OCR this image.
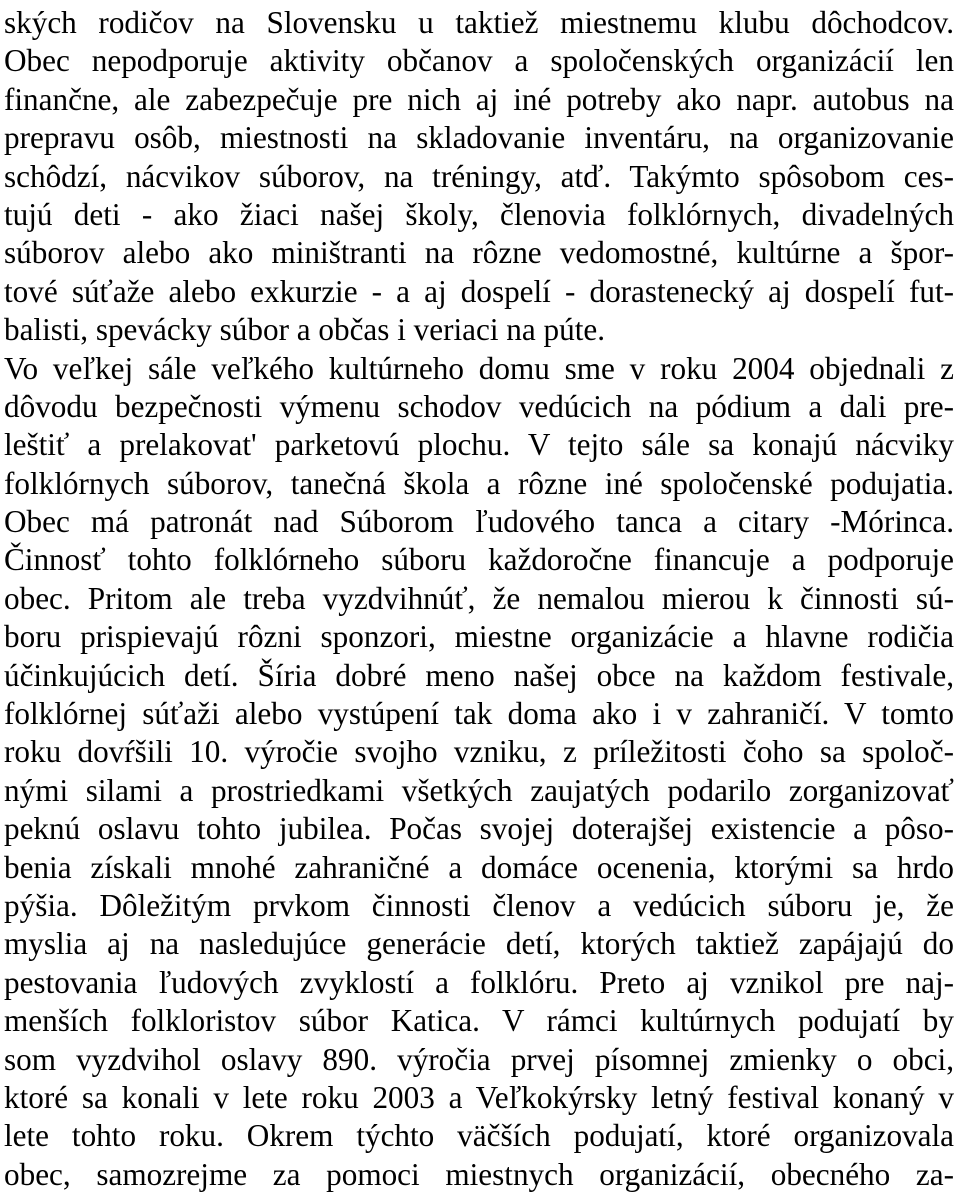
ských rodičov na Slovensku u taktiež miestnemu klubu dôchodcov.
Obec nepodporuje aktivity občanov a spoločenských organizácií len
finančne, ale zabezpečuje pre nich aj iné potreby ako napr. autobus na
prepravu osôb, miestnosti na skladovanie inventáru, na organizovanie
schôdzí, nácvikov súborov, na tréningy, atď. Takýmto spôsobom ces-
tujú deti - ako žiaci našej školy, členovia folklórnych, divadelných
súborov alebo ako miništranti na rôzne vedomostné, kultúrne a špor-
tové súťaže alebo exkurzie - a aj dospelí - dorastenecký aj dospelí fut-
balisti, spevácky súbor a občas i veriaci na púte.
Vo veľkej sále veľkého kultúrneho domu sme v roku 2004 objednali z
dôvodu bezpečnosti výmenu schodov vedúcich na pódium a dali pre-
leštiť a prelakovat' parketovú plochu. V tejto sále sa konajú nácviky
folklórnych súborov, tanečná škola a rôzne iné spoločenské podujatia.
Obec má patronát nad Súborom ľudového tanca a citary -Mórinca.
Činnosť tohto folklórneho súboru každoročne financuje a podporuje
obec. Pritom ale treba vyzdvihnúť, že nemalou mierou k činnosti sú-
boru prispievajú rôzni sponzori, miestne organizácie a hlavne rodičia
účinkujúcich detí. Šíria dobré meno našej obce na každom festivale,
folklórnej súťaži alebo vystúpení tak doma ako i v zahraničí. V tomto
roku dovŕšili 10. výročie svojho vzniku, z príležitosti čoho sa spoloč-
nými silami a prostriedkami všetkých zaujatých podarilo zorganizovať
peknú oslavu tohto jubilea. Počas svojej doterajšej existencie a pôso-
benia získali mnohé zahraničné a domáce ocenenia, ktorými sa hrdo
pýšia. Dôležitým prvkom činnosti členov a vedúcich súboru je, že
myslia aj na nasledujúce generácie detí, ktorých taktiež zapájajú do
pestovania ľudových zvyklostí a folklóru. Preto aj vznikol pre naj-
menších folkloristov súbor Katica. V rámci kultúrnych podujatí by
som vyzdvihol oslavy 890. výročia prvej písomnej zmienky o obci,
ktoré sa konali v lete roku 2003 a Veľkokýrsky letný festival konaný v
lete tohto roku. Okrem týchto väčších podujatí, ktoré organizovala
obec, samozrejme za pomoci miestnych organizácií, obecného za-
